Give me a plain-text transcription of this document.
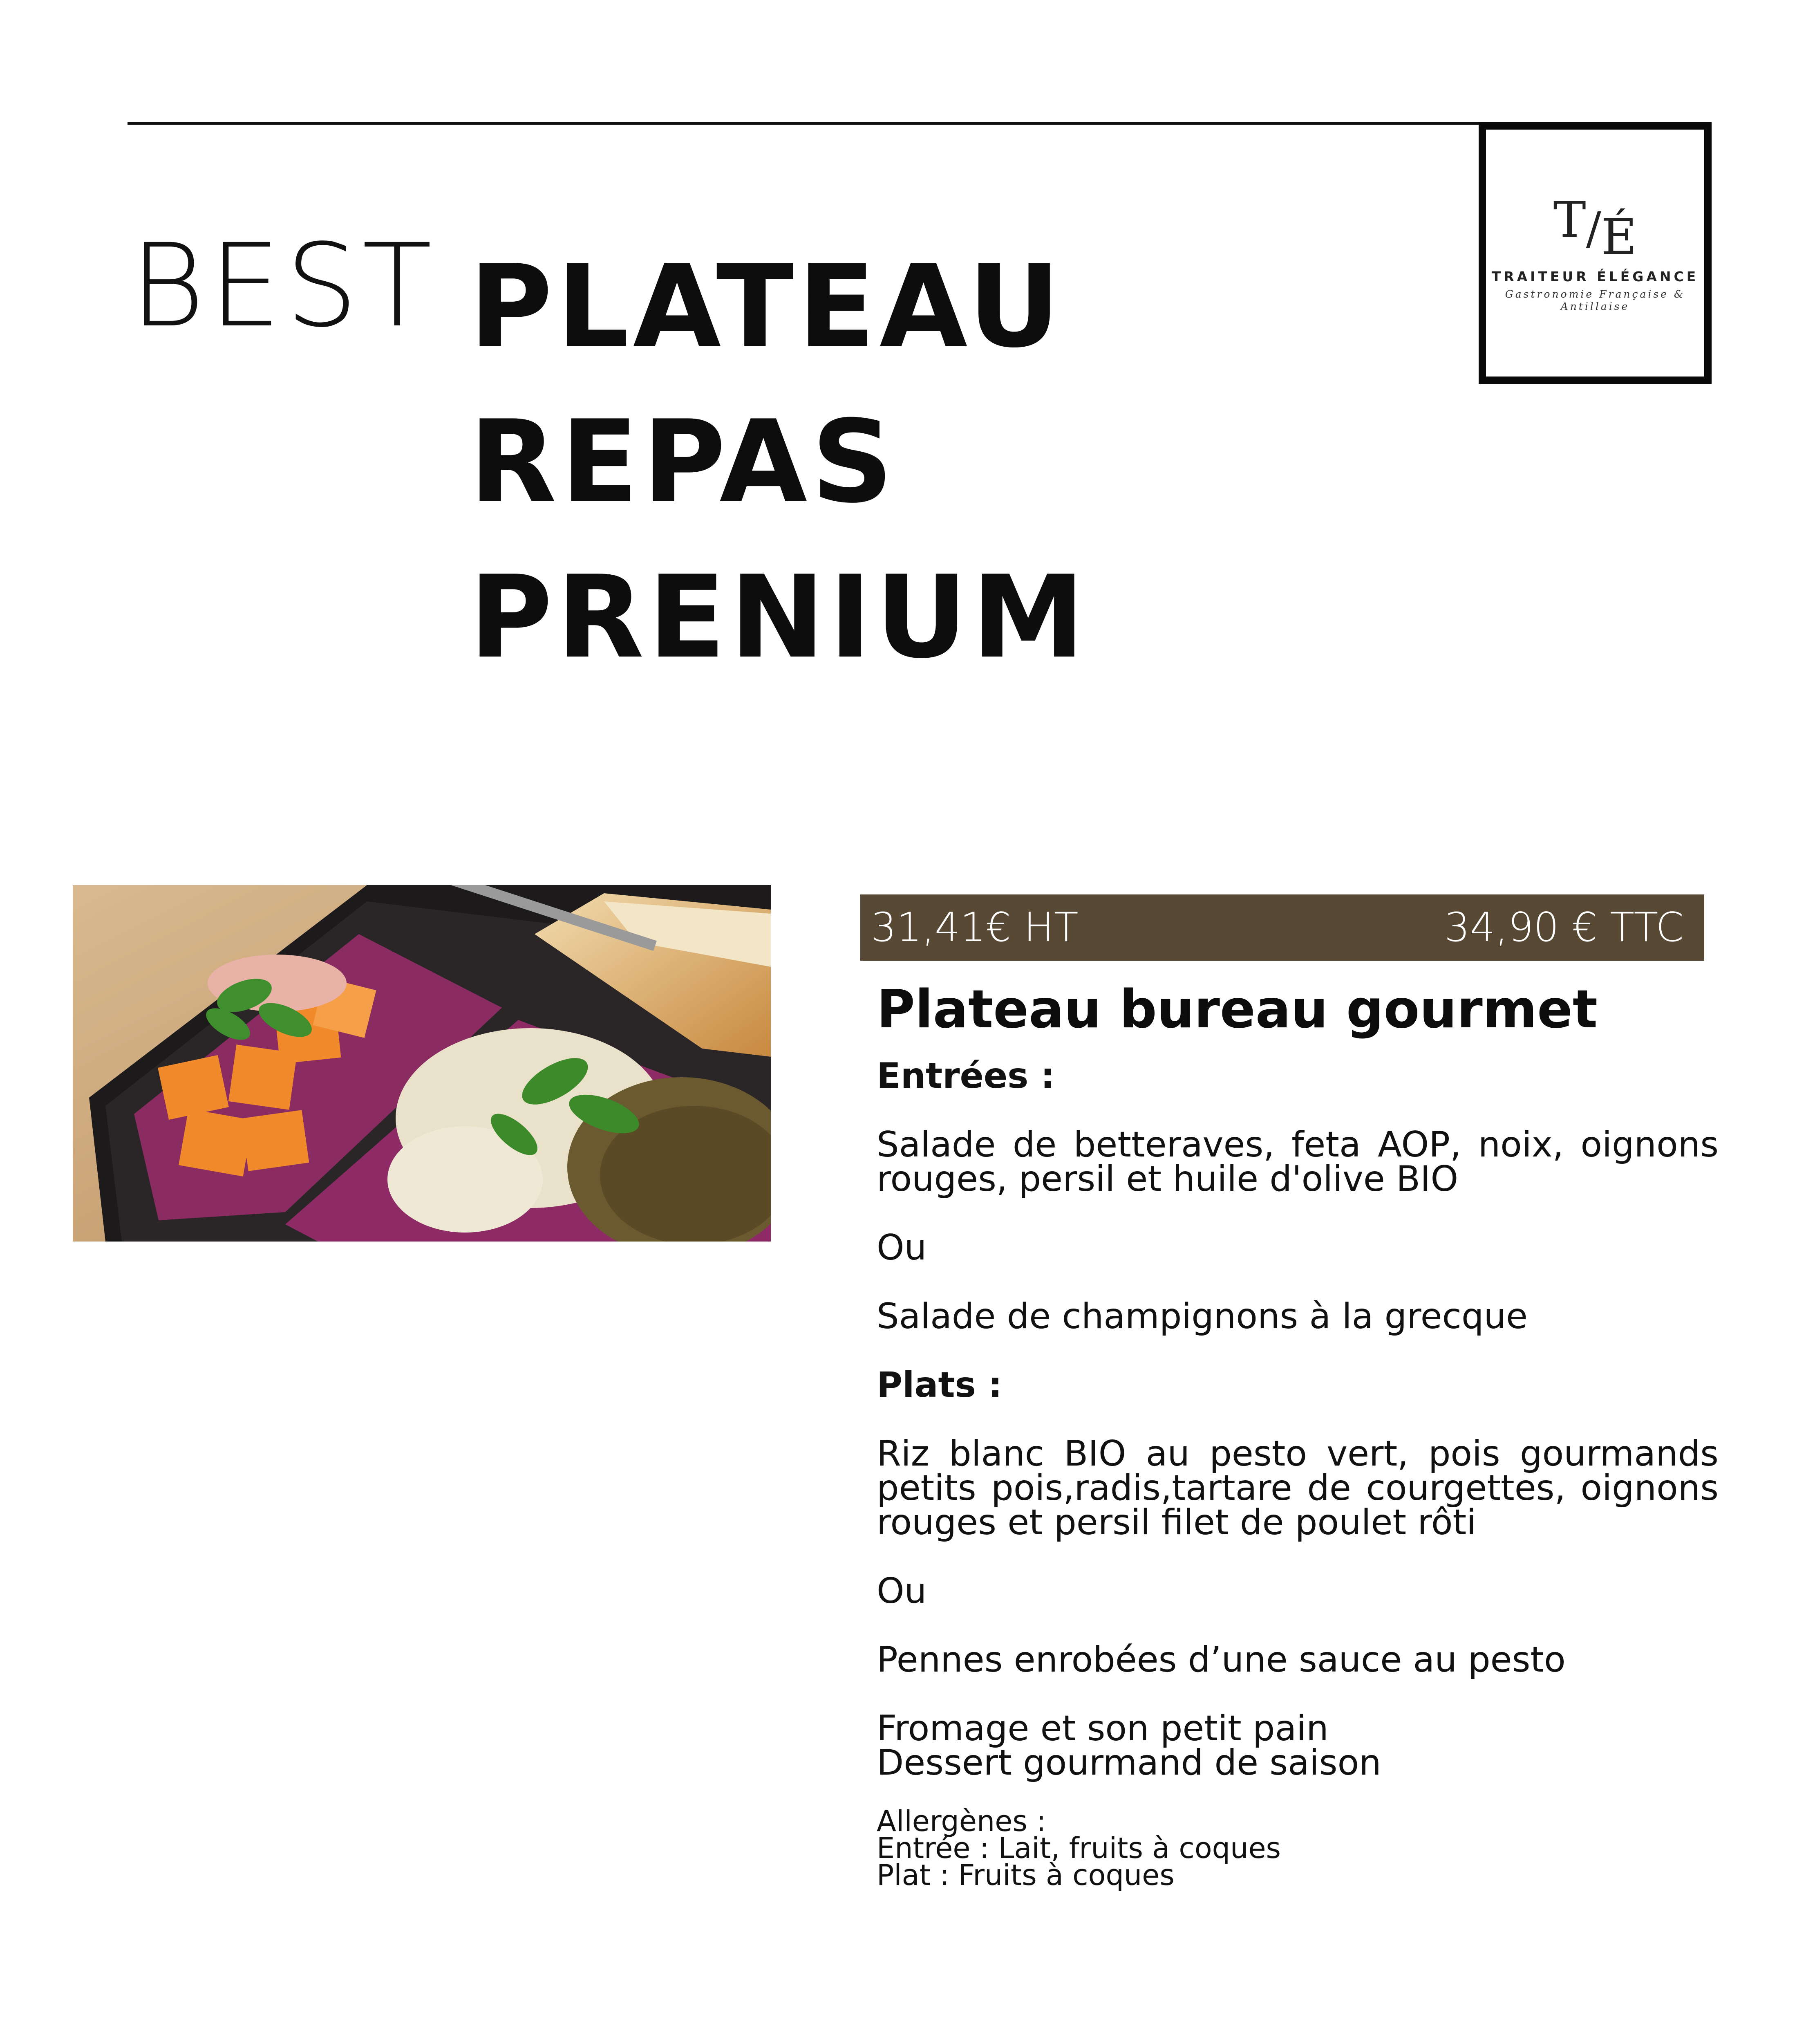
BEST PLATEAU REPAS PRENIUM
T/É
TRAITEUR ÉLÉGANCE
Gastronomie Française & Antillaise
31,41€ HT	34,90 € TTC
Plateau bureau gourmet

Entrées :

Salade de betteraves, feta AOP, noix, oignons rouges, persil et huile d'olive BIO

Ou

Salade de champignons à la grecque

Plats :

Riz blanc BIO au pesto vert, pois gourmands petits pois,radis,tartare de courgettes, oignons rouges et persil filet de poulet rôti

Ou

Pennes enrobées d’une sauce au pesto

Fromage et son petit pain
Dessert gourmand de saison

Allergènes :
Entrée : Lait, fruits à coques
Plat : Fruits à coques
